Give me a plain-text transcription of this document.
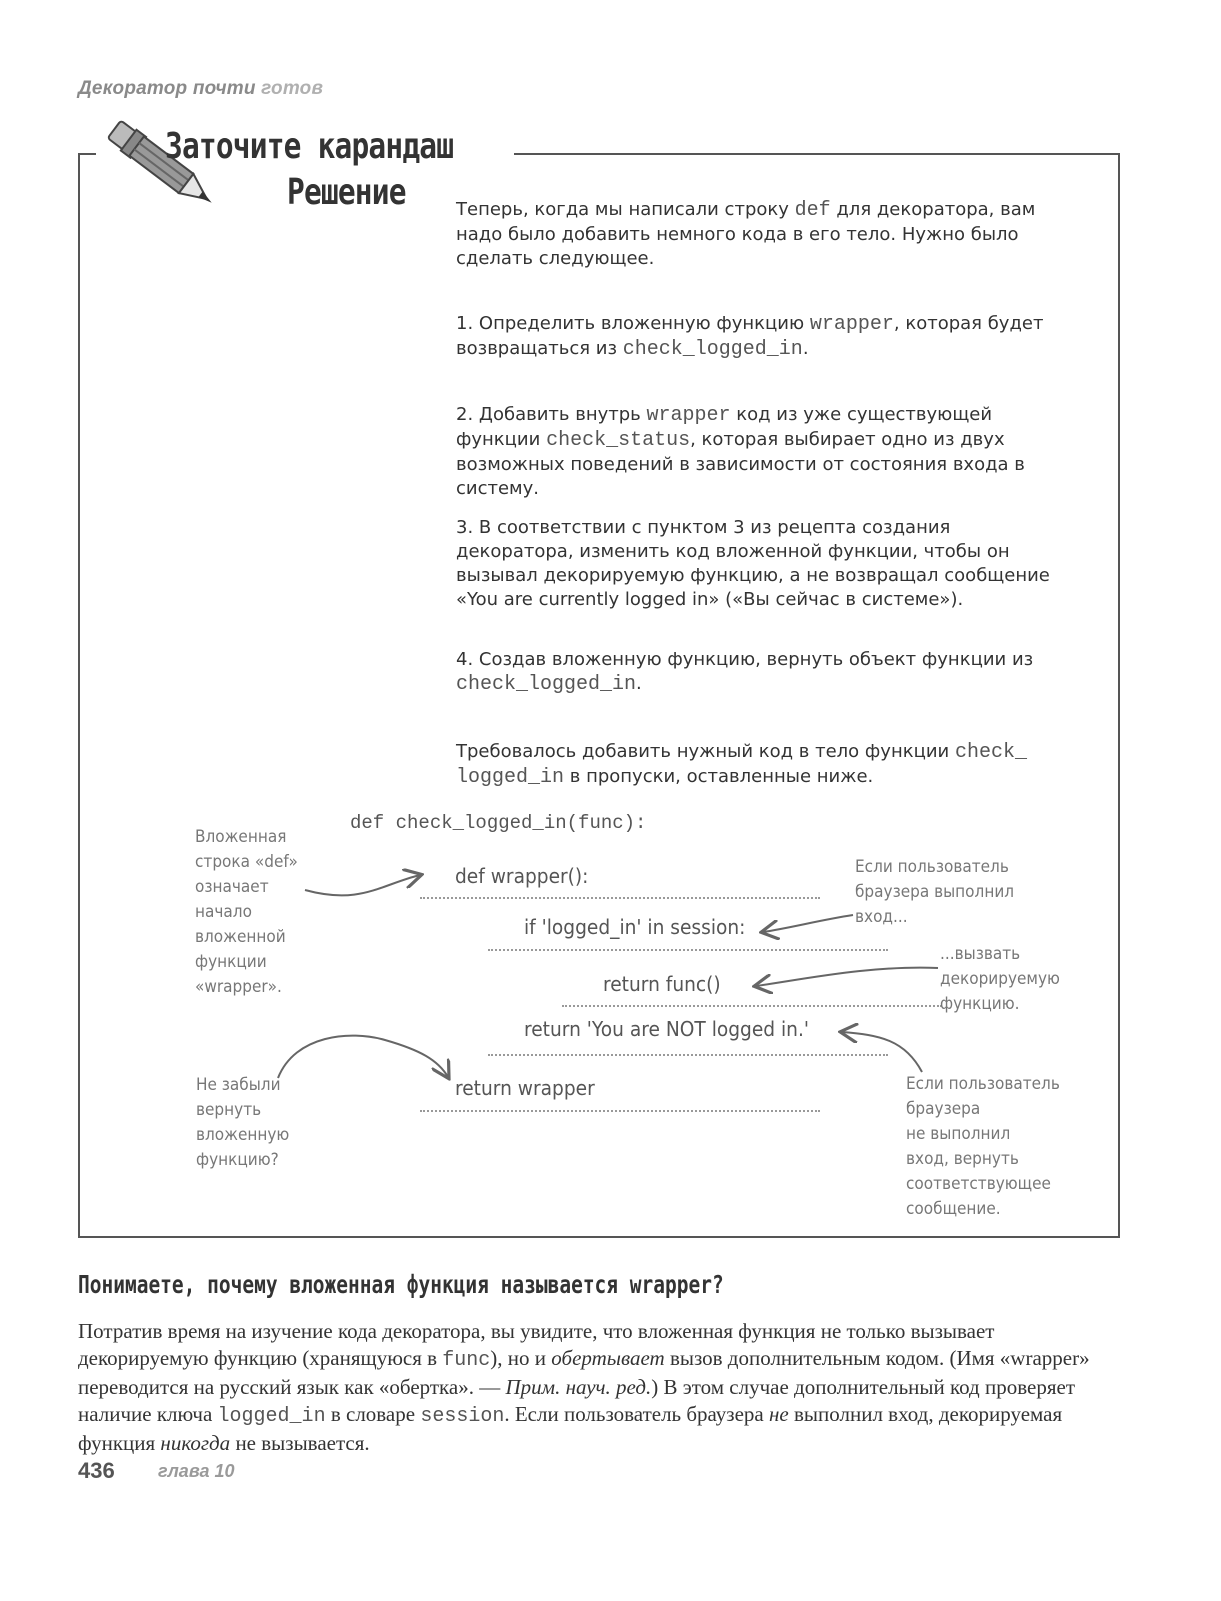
Декоратор почти готов
Заточите карандаш
Решение	Теперь, когда мы написали строку def для декоратора, вам надо было добавить немного кода в его тело. Нужно было сделать следующее.
1. Определить вложенную функцию wrapper, которая будет возвращаться из check_logged_in.
2. Добавить внутрь wrapper код из уже существующей функции check_status, которая выбирает одно из двух возможных поведений в зависимости от состояния входа в систему.
3. В соответствии с пунктом 3 из рецепта создания декоратора, изменить код вложенной функции, чтобы он вызывал декорируемую функцию, а не возвращал сообщение «You are currently logged in» («Вы сейчас в системе»).
4. Создав вложенную функцию, вернуть объект функции из check_logged_in.
Требовалось добавить нужный код в тело функции check_
logged_in в пропуски, оставленные ниже.
def check_logged_in(func):
def wrapper():
if 'logged_in' in session:
return func()
return 'You are NOT logged in.'
return wrapper
Вложенная
строка «def»
означает
начало
вложенной
функции
«wrapper».
Если пользователь
браузера выполнил
вход...
...вызвать
декорируемую
функцию.
Не забыли
вернуть
вложенную
функцию?
Если пользователь
браузера
не выполнил
вход, вернуть
соответствующее
сообщение.
Понимаете, почему вложенная функция называется wrapper?
Потратив время на изучение кода декоратора, вы увидите, что вложенная функция не только вызывает декорируемую функцию (хранящуюся в func), но и обертывает вызов дополнительным кодом. (Имя «wrapper» переводится на русский язык как «обертка». — Прим. науч. ред.) В этом случае дополнительный код проверяет наличие ключа logged_in в словаре session. Если пользователь браузера не выполнил вход, декорируемая функция никогда не вызывается.
436 глава 10
